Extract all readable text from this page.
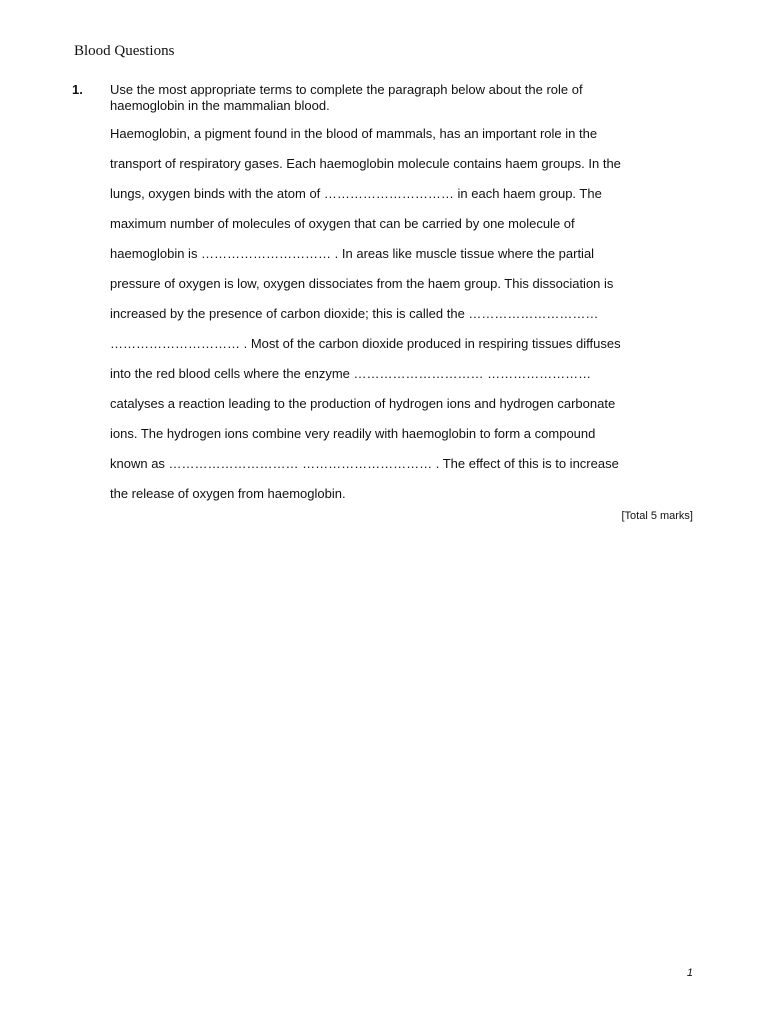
Blood Questions
1. Use the most appropriate terms to complete the paragraph below about the role of
haemoglobin in the mammalian blood.
Haemoglobin, a pigment found in the blood of mammals, has an important role in the
transport of respiratory gases. Each haemoglobin molecule contains haem groups. In the
lungs, oxygen binds with the atom of ………………………… in each haem group. The
maximum number of molecules of oxygen that can be carried by one molecule of
haemoglobin is ………………………… . In areas like muscle tissue where the partial
pressure of oxygen is low, oxygen dissociates from the haem group. This dissociation is
increased by the presence of carbon dioxide; this is called the …………………………
………………………… . Most of the carbon dioxide produced in respiring tissues diffuses
into the red blood cells where the enzyme ………………………… ……………………
catalyses a reaction leading to the production of hydrogen ions and hydrogen carbonate
ions. The hydrogen ions combine very readily with haemoglobin to form a compound
known as ………………………… ………………………… . The effect of this is to increase
the release of oxygen from haemoglobin.
[Total 5 marks]
1
